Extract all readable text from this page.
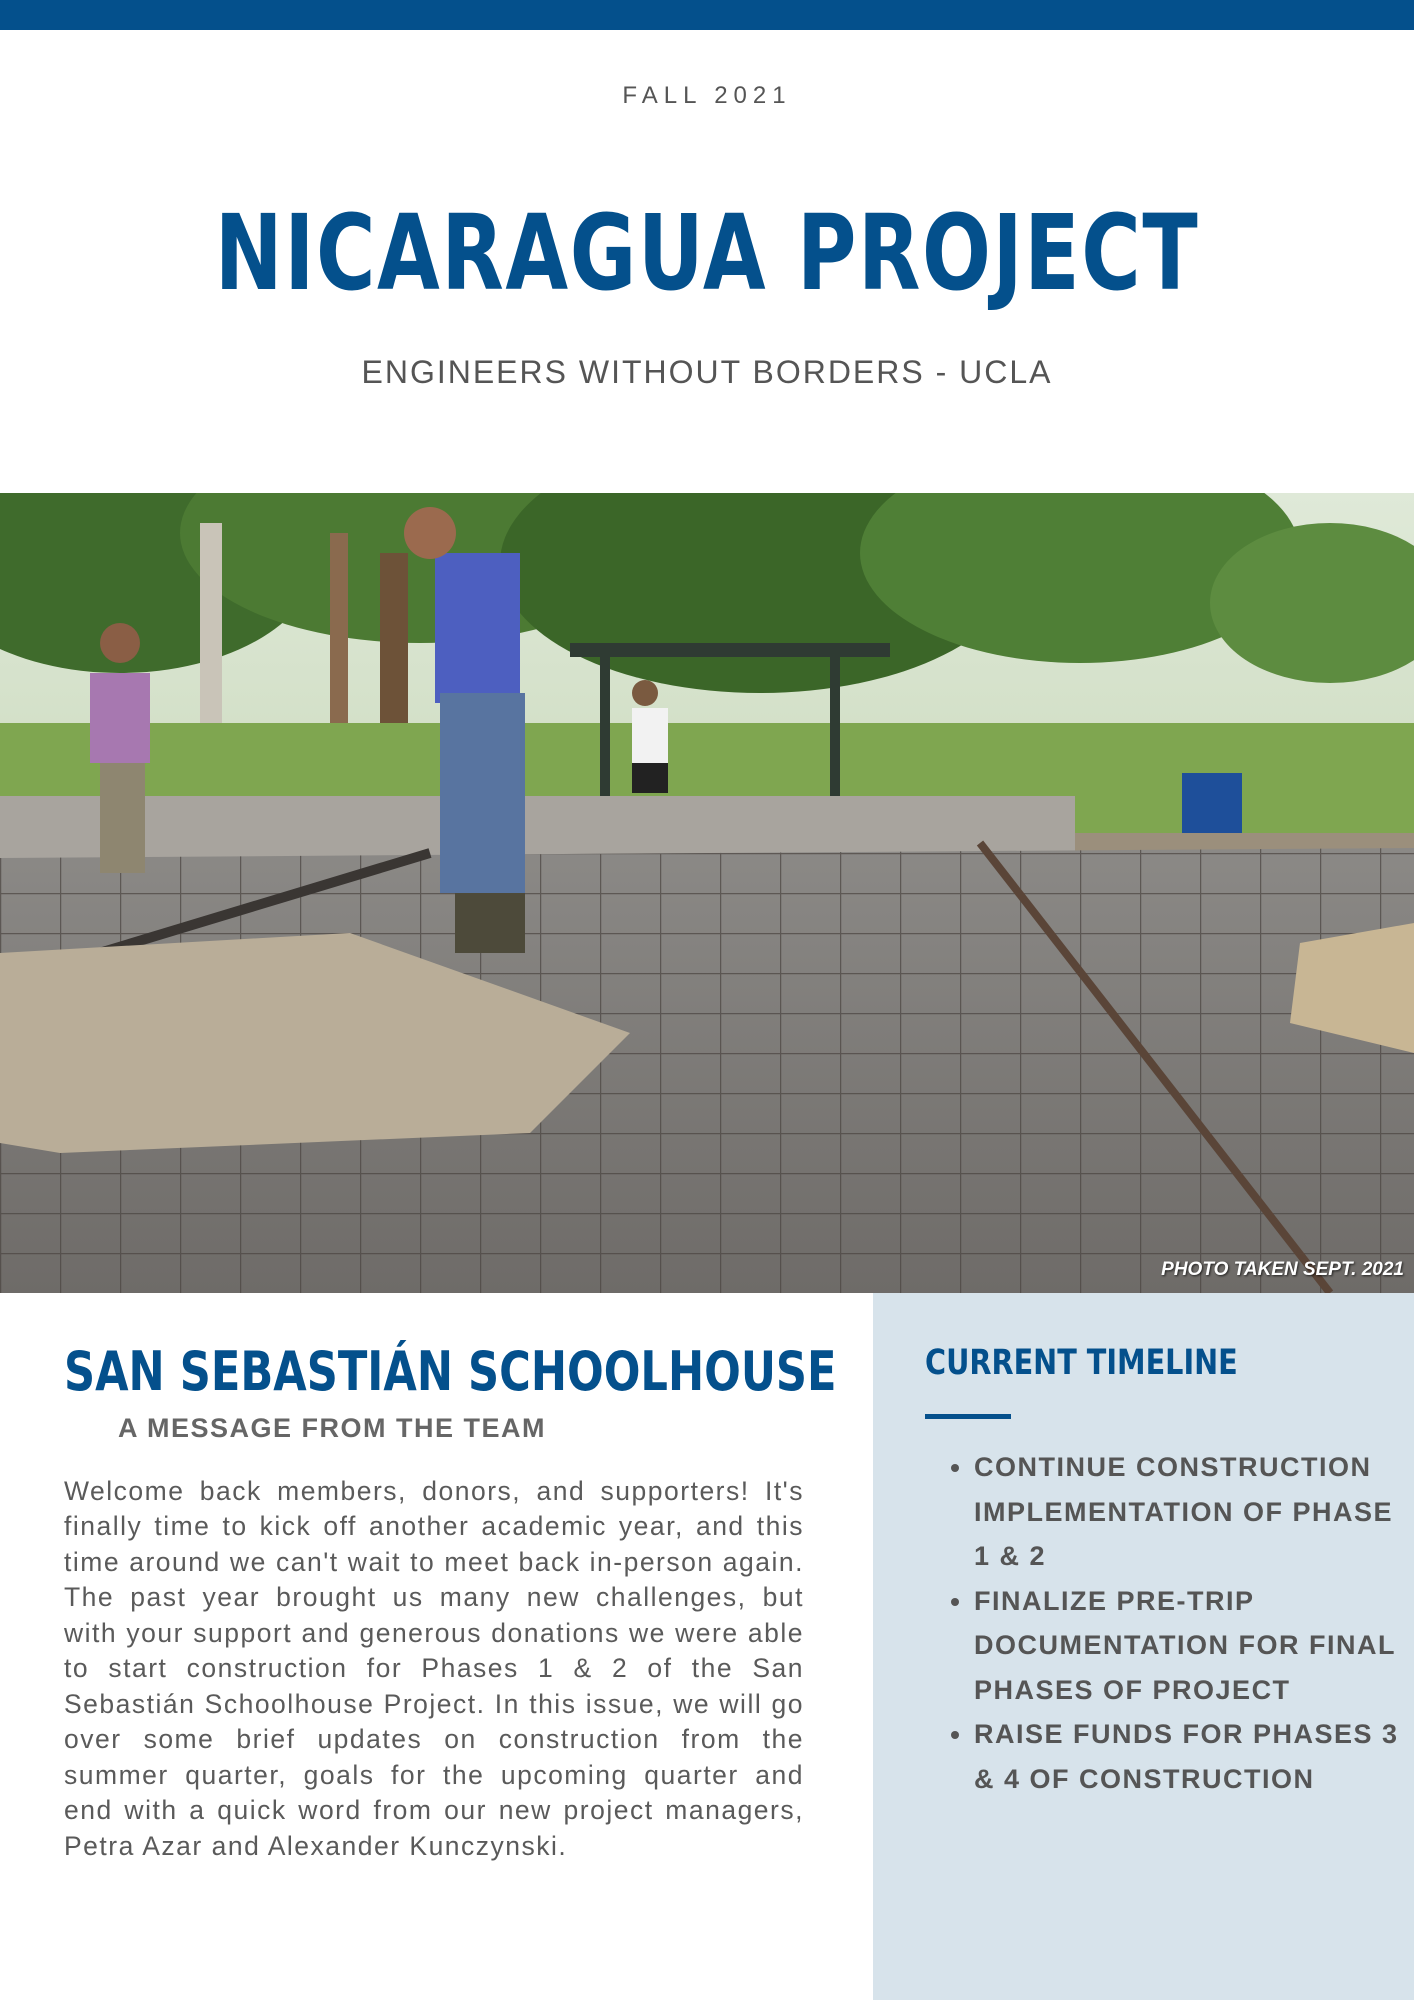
FALL 2021
NICARAGUA PROJECT
ENGINEERS WITHOUT BORDERS - UCLA
PHOTO TAKEN SEPT. 2021
SAN SEBASTIÁN SCHOOLHOUSE
A MESSAGE FROM THE TEAM

Welcome back members, donors, and supporters! It's finally time to kick off another academic year, and this time around we can't wait to meet back in-person again. The past year brought us many new challenges, but with your support and generous donations we were able to start construction for Phases 1 & 2 of the San Sebastián Schoolhouse Project. In this issue, we will go over some brief updates on construction from the summer quarter, goals for the upcoming quarter and end with a quick word from our new project managers, Petra Azar and Alexander Kunczynski.

CURRENT TIMELINE
• CONTINUE CONSTRUCTION IMPLEMENTATION OF PHASE 1 & 2
• FINALIZE PRE-TRIP DOCUMENTATION FOR FINAL PHASES OF PROJECT
• RAISE FUNDS FOR PHASES 3 & 4 OF CONSTRUCTION
